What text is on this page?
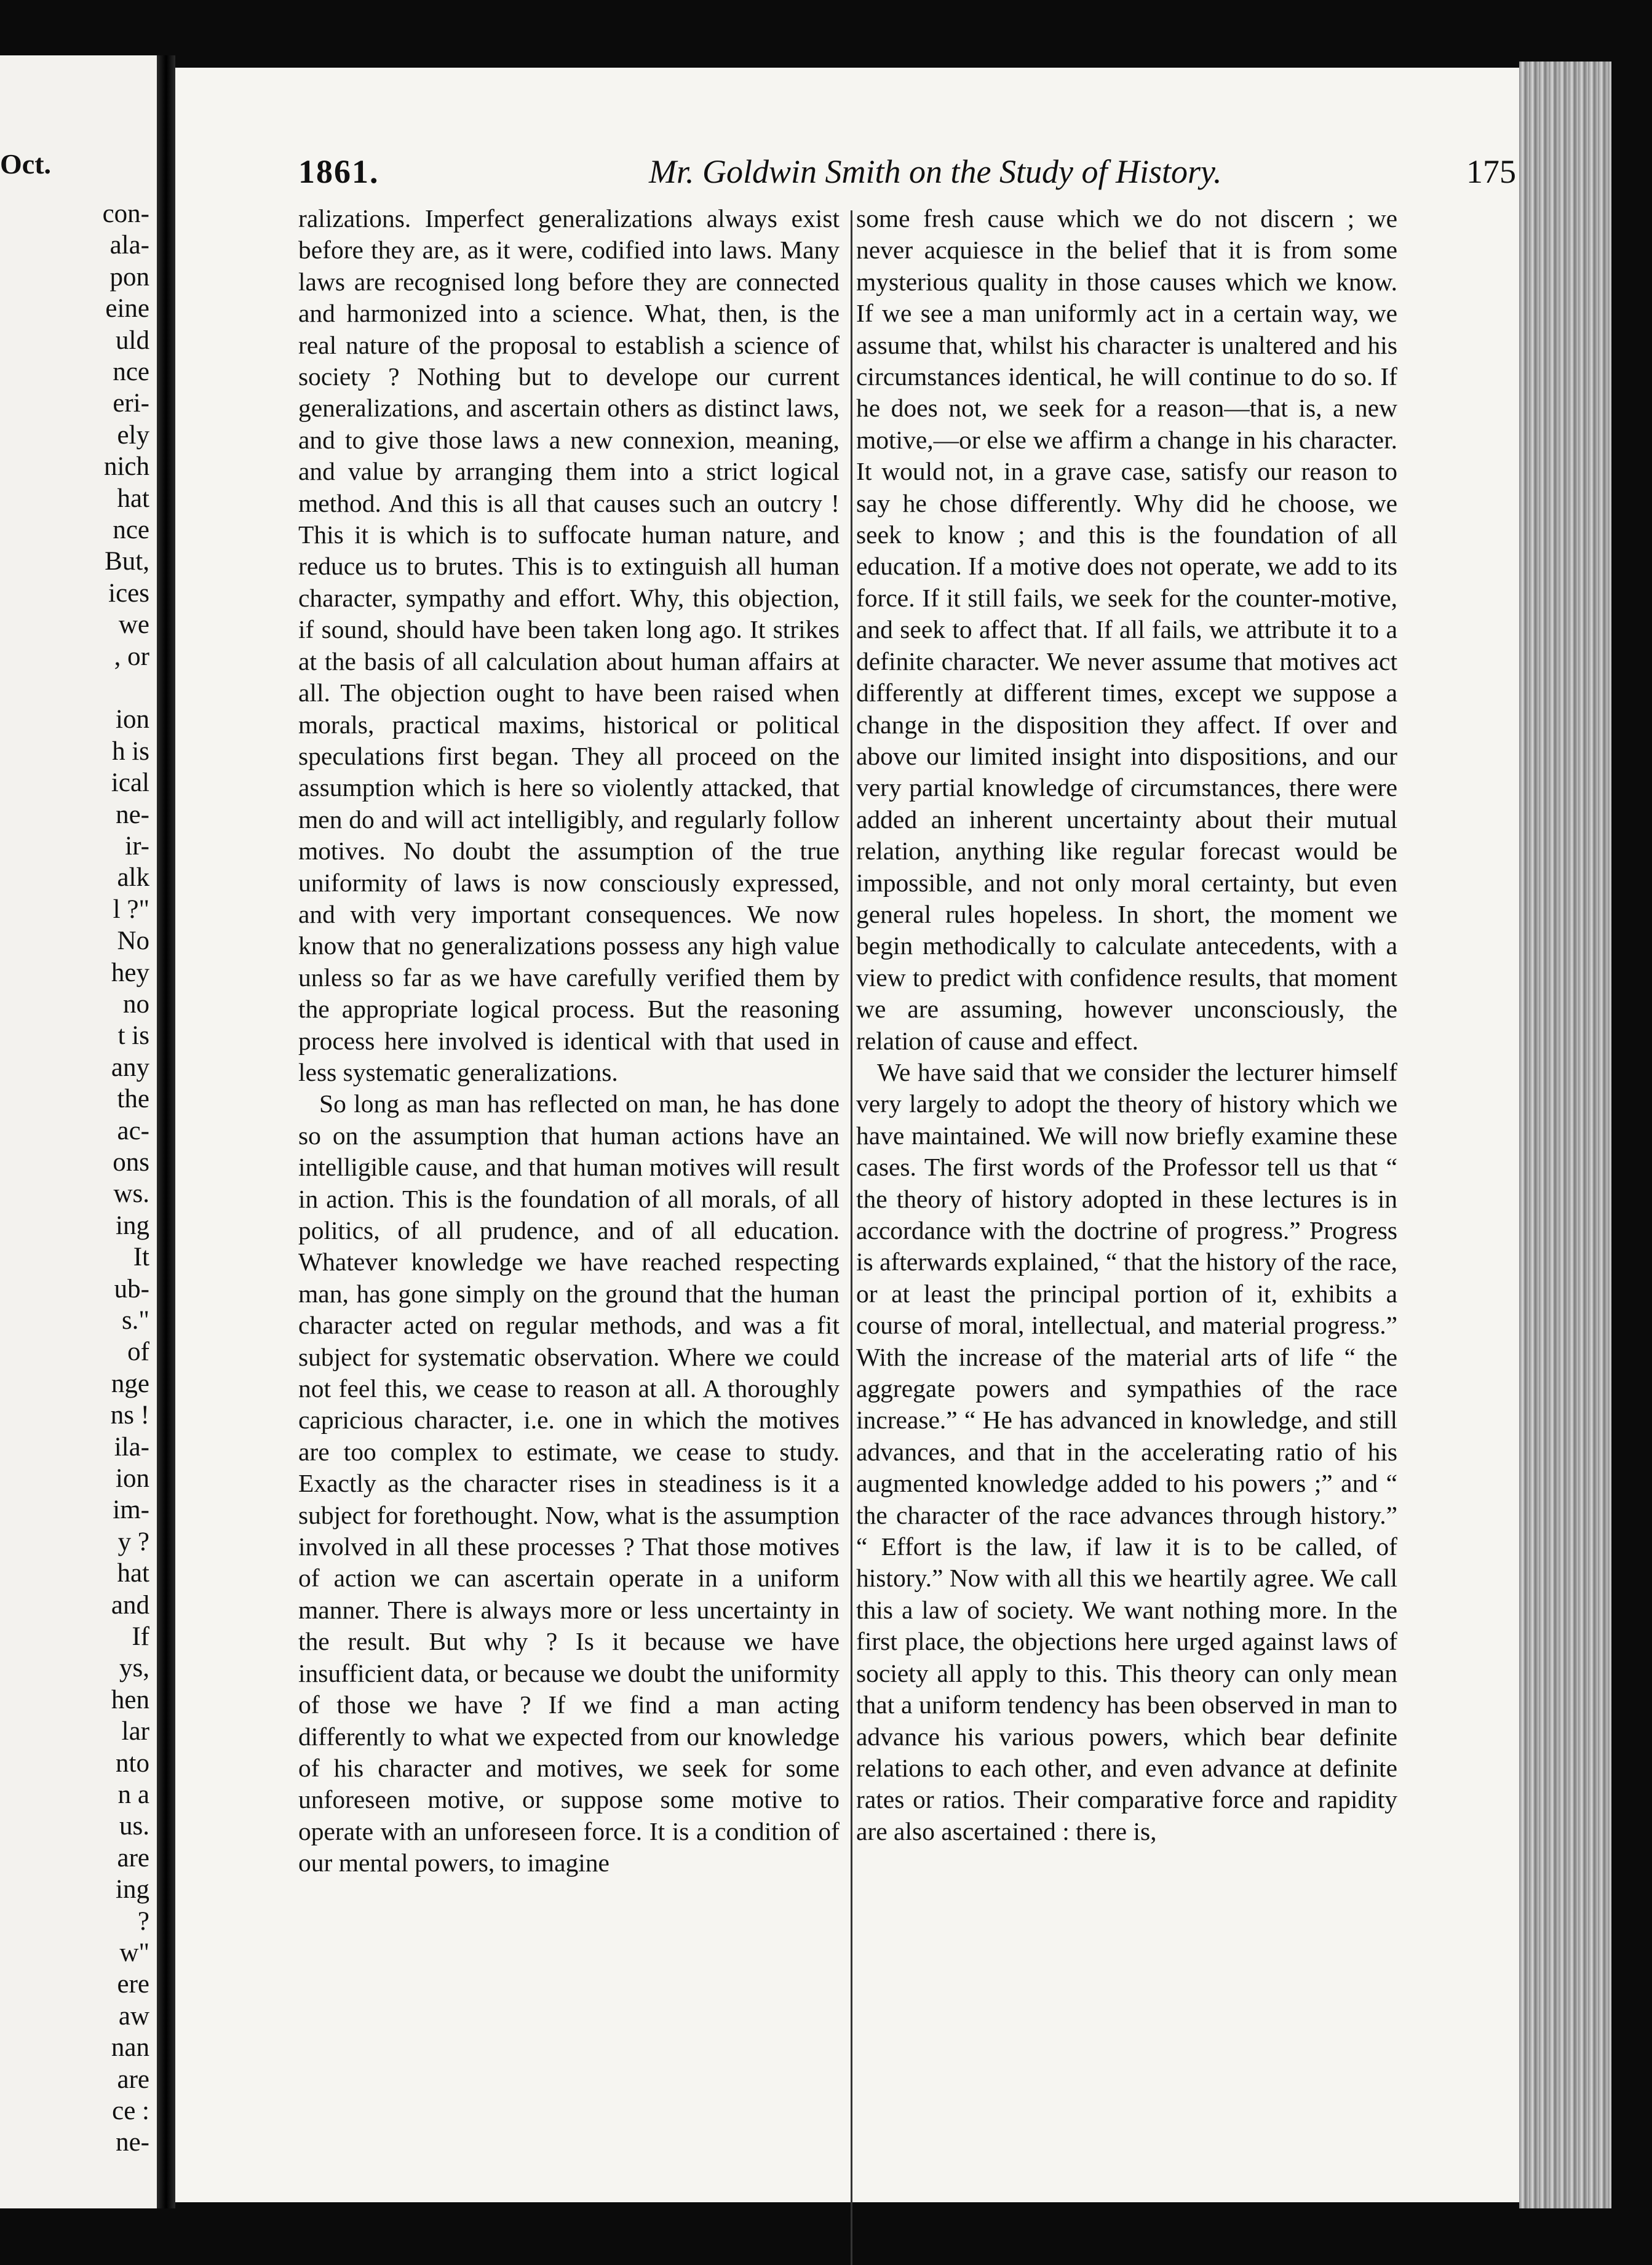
Oct.
con-
ala-
pon
eine
uld
nce
eri-
ely
nich
hat
nce
But,
ices
we
, or
ion
h is
ical
ne-
ir-
alk
l ?"
No
hey
no
t is
any
the
ac-
ons
ws.
ing
It
ub-
s."
of
nge
ns !
ila-
ion
im-
y ?
hat
and
If
ys,
hen
lar
nto
n a
us.
are
ing
?
w"
ere
aw
nan
are
ce :
ne-
1861.	Mr. Goldwin Smith on the Study of History.	175

ralizations. Imperfect generalizations always exist before they are, as it were, codified into laws. Many laws are recognised long before they are connected and harmonized into a science. What, then, is the real nature of the proposal to establish a science of society ? Nothing but to develope our current generalizations, and ascertain others as distinct laws, and to give those laws a new connexion, meaning, and value by arranging them into a strict logical method. And this is all that causes such an outcry ! This it is which is to suffocate human nature, and reduce us to brutes. This is to extinguish all human character, sympathy and effort. Why, this objection, if sound, should have been taken long ago. It strikes at the basis of all calculation about human affairs at all. The objection ought to have been raised when morals, practical maxims, historical or political speculations first began. They all proceed on the assumption which is here so violently attacked, that men do and will act intelligibly, and regularly follow motives. No doubt the assumption of the true uniformity of laws is now consciously expressed, and with very important consequences. We now know that no generalizations possess any high value unless so far as we have carefully verified them by the appropriate logical process. But the reasoning process here involved is identical with that used in less systematic generalizations.

So long as man has reflected on man, he has done so on the assumption that human actions have an intelligible cause, and that human motives will result in action. This is the foundation of all morals, of all politics, of all prudence, and of all education. Whatever knowledge we have reached respecting man, has gone simply on the ground that the human character acted on regular methods, and was a fit subject for systematic observation. Where we could not feel this, we cease to reason at all. A thoroughly capricious character, i.e. one in which the motives are too complex to estimate, we cease to study. Exactly as the character rises in steadiness is it a subject for forethought. Now, what is the assumption involved in all these processes ? That those motives of action we can ascertain operate in a uniform manner. There is always more or less uncertainty in the result. But why ? Is it because we have insufficient data, or because we doubt the uniformity of those we have ? If we find a man acting differently to what we expected from our knowledge of his character and motives, we seek for some unforeseen motive, or suppose some motive to operate with an unforeseen force. It is a condition of our mental powers, to imagine

some fresh cause which we do not discern ; we never acquiesce in the belief that it is from some mysterious quality in those causes which we know. If we see a man uniformly act in a certain way, we assume that, whilst his character is unaltered and his circumstances identical, he will continue to do so. If he does not, we seek for a reason—that is, a new motive,—or else we affirm a change in his character. It would not, in a grave case, satisfy our reason to say he chose differently. Why did he choose, we seek to know ; and this is the foundation of all education. If a motive does not operate, we add to its force. If it still fails, we seek for the counter-motive, and seek to affect that. If all fails, we attribute it to a definite character. We never assume that motives act differently at different times, except we suppose a change in the disposition they affect. If over and above our limited insight into dispositions, and our very partial knowledge of circumstances, there were added an inherent uncertainty about their mutual relation, anything like regular forecast would be impossible, and not only moral certainty, but even general rules hopeless. In short, the moment we begin methodically to calculate antecedents, with a view to predict with confidence results, that moment we are assuming, however unconsciously, the relation of cause and effect.

We have said that we consider the lecturer himself very largely to adopt the theory of history which we have maintained. We will now briefly examine these cases. The first words of the Professor tell us that “ the theory of history adopted in these lectures is in accordance with the doctrine of progress.” Progress is afterwards explained, “ that the history of the race, or at least the principal portion of it, exhibits a course of moral, intellectual, and material progress.” With the increase of the material arts of life “ the aggregate powers and sympathies of the race increase.” “ He has advanced in knowledge, and still advances, and that in the accelerating ratio of his augmented knowledge added to his powers ;” and “ the character of the race advances through history.” “ Effort is the law, if law it is to be called, of history.” Now with all this we heartily agree. We call this a law of society. We want nothing more. In the first place, the objections here urged against laws of society all apply to this. This theory can only mean that a uniform tendency has been observed in man to advance his various powers, which bear definite relations to each other, and even advance at definite rates or ratios. Their comparative force and rapidity are also ascertained : there is,
